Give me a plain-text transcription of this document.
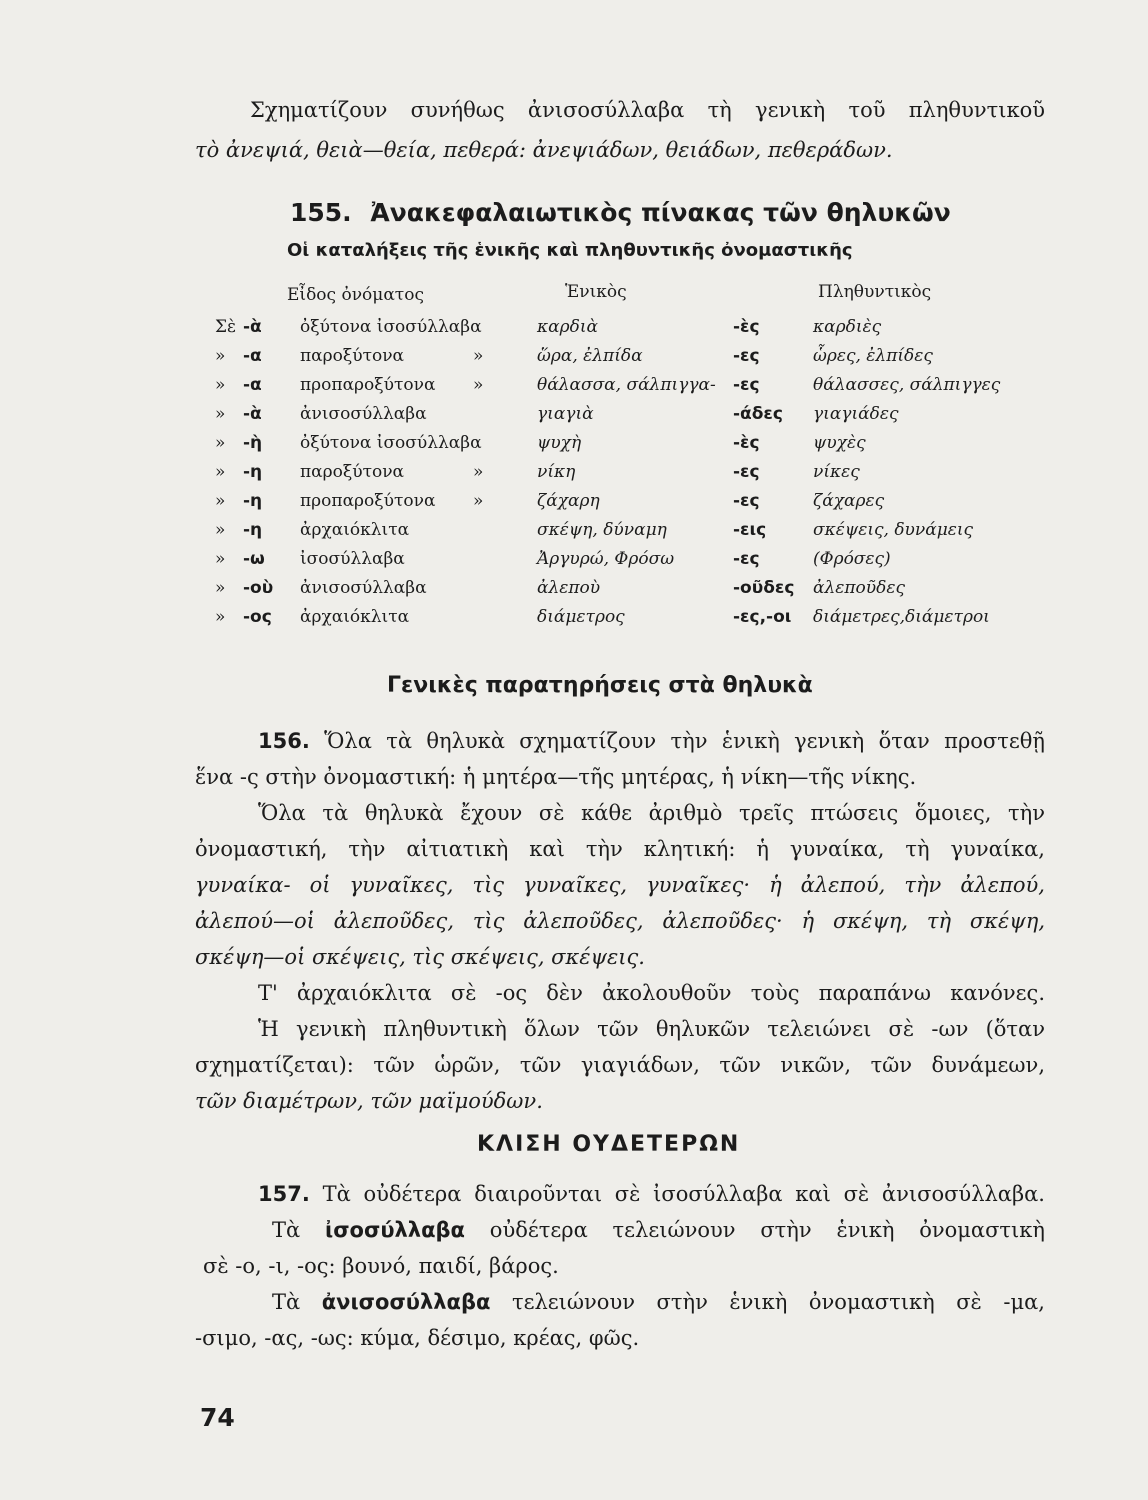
Σχηματίζουν συνήθως ἀνισοσύλλαβα τὴ γενικὴ τοῦ πληθυντικοῦ
τὸ ἀνεψιά, θειὰ—θεία, πεθερά: ἀνεψιάδων, θειάδων, πεθεράδων.
155. Ἀνακεφαλαιωτικὸς πίνακας τῶν θηλυκῶν
Οἱ καταλήξεις τῆς ἑνικῆς καὶ πληθυντικῆς ὀνομαστικῆς
Εἶδος ὀνόματος	Ἑνικὸς	Πληθυντικὸς
Σὲ -ὰ ὀξύτονα ἰσοσύλλαβα	καρδιὰ	-ὲς	καρδιὲς
» -α παροξύτονα	»	ὥρα, ἐλπίδα	-ες	ὧρες, ἐλπίδες
» -α προπαροξύτονα »	θάλασσα, σάλπιγγα- -ες	θάλασσες, σάλπιγγες
» -ὰ ἀνισοσύλλαβα	γιαγιὰ	-άδες γιαγιάδες
» -ὴ ὀξύτονα ἰσοσύλλαβα	ψυχὴ	-ὲς	ψυχὲς
» -η παροξύτονα	»	νίκη	-ες	νίκες
» -η προπαροξύτονα »	ζάχαρη	-ες	ζάχαρες
» -η ἀρχαιόκλιτα	σκέψη, δύναμη	-εις	σκέψεις, δυνάμεις
» -ω ἰσοσύλλαβα	Ἀργυρώ, Φρόσω	-ες	(Φρόσες)
» -οὺ ἀνισοσύλλαβα	ἀλεποὺ	-οῦδες ἀλεποῦδες
» -ος ἀρχαιόκλιτα	διάμετρος	-ες,-οι διάμετρες,διάμετροι
Γενικὲς παρατηρήσεις στὰ θηλυκὰ
156. Ὅλα τὰ θηλυκὰ σχηματίζουν τὴν ἑνικὴ γενικὴ ὅταν προστεθῇ
ἕνα -ς στὴν ὀνομαστική: ἡ μητέρα—τῆς μητέρας, ἡ νίκη—τῆς νίκης.
Ὅλα τὰ θηλυκὰ ἔχουν σὲ κάθε ἀριθμὸ τρεῖς πτώσεις ὅμοιες, τὴν
ὀνομαστική, τὴν αἰτιατικὴ καὶ τὴν κλητική: ἡ γυναίκα, τὴ γυναίκα,
γυναίκα- οἱ γυναῖκες, τὶς γυναῖκες, γυναῖκες· ἡ ἀλεπού, τὴν ἀλεπού,
ἀλεπού—οἱ ἀλεποῦδες, τὶς ἀλεποῦδες, ἀλεποῦδες· ἡ σκέψη, τὴ σκέψη,
σκέψη—οἱ σκέψεις, τὶς σκέψεις, σκέψεις.
Τ' ἀρχαιόκλιτα σὲ -ος δὲν ἀκολουθοῦν τοὺς παραπάνω κανόνες.
Ἡ γενικὴ πληθυντικὴ ὅλων τῶν θηλυκῶν τελειώνει σὲ -ων (ὅταν
σχηματίζεται): τῶν ὡρῶν, τῶν γιαγιάδων, τῶν νικῶν, τῶν δυνάμεων,
τῶν διαμέτρων, τῶν μαϊμούδων.
ΚΛΙΣΗ ΟΥΔΕΤΕΡΩΝ
157. Τὰ οὐδέτερα διαιροῦνται σὲ ἰσοσύλλαβα καὶ σὲ ἀνισοσύλλαβα.
Τὰ ἰσοσύλλαβα οὐδέτερα τελειώνουν στὴν ἑνικὴ ὀνομαστικὴ
σὲ -ο, -ι, -ος: βουνό, παιδί, βάρος.
Τὰ ἀνισοσύλλαβα τελειώνουν στὴν ἑνικὴ ὀνομαστικὴ σὲ -μα,
-σιμο, -ας, -ως: κύμα, δέσιμο, κρέας, φῶς.
74
